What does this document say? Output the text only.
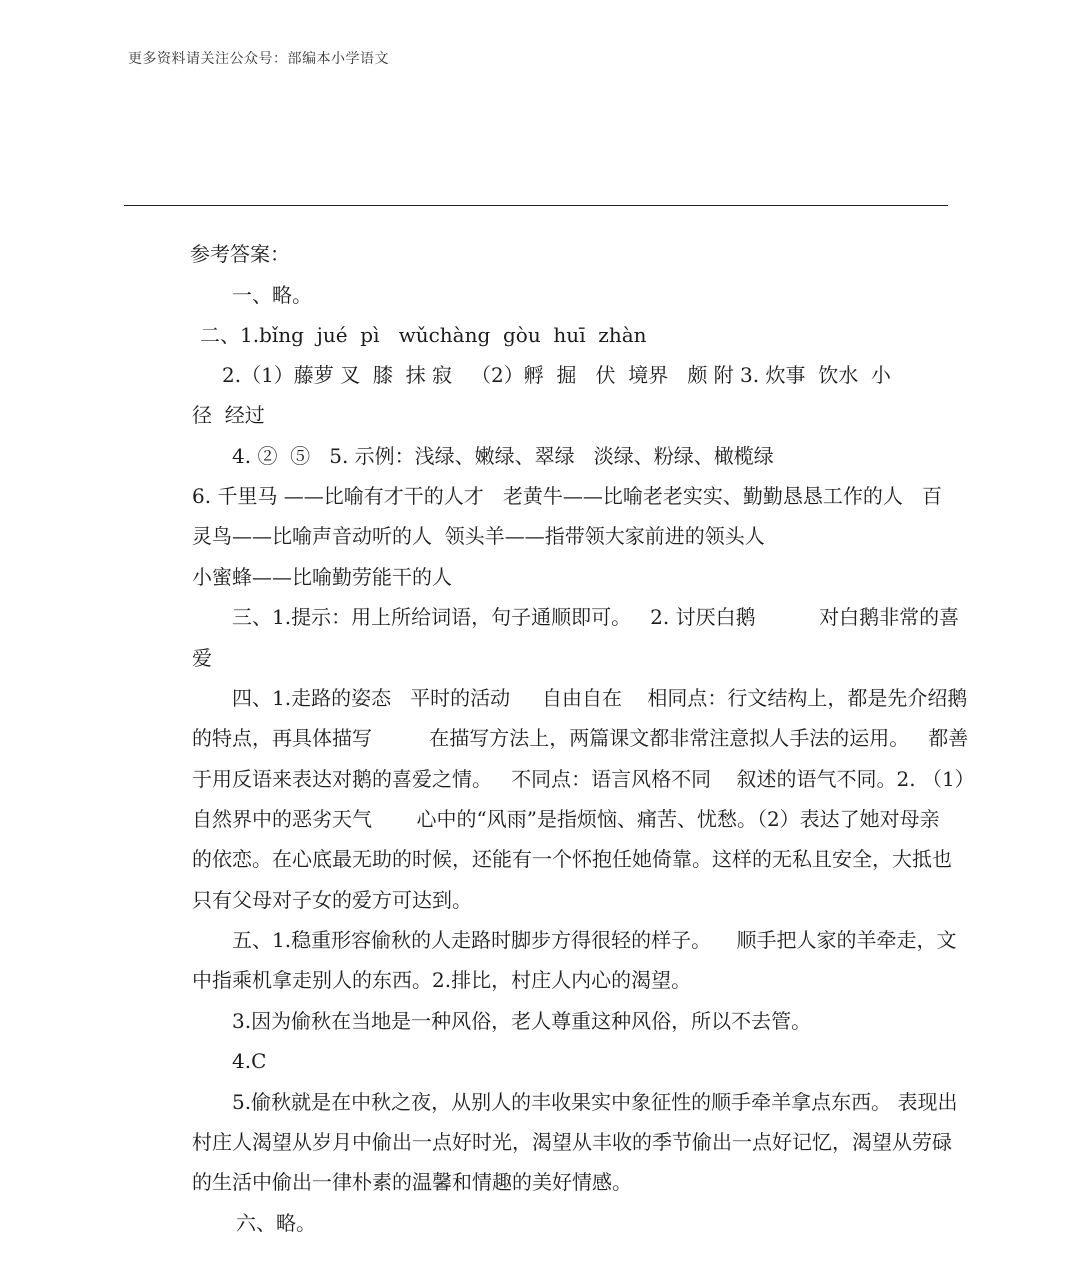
更多资料请关注公众号：部编本小学语文
参考答案：
一、略。
二、1.bǐng  jué  pì   wǔchàng  gòu  huī  zhàn
2.（1）藤萝 叉  膝  抹 寂   （2）孵  掘   伏  境界   颇 附 3. 炊事  饮水  小
径  经过
4. ②  ⑤   5. 示例：浅绿、嫩绿、翠绿   淡绿、粉绿、橄榄绿
6. 千里马 ——比喻有才干的人才   老黄牛——比喻老老实实、勤勤恳恳工作的人   百
灵鸟——比喻声音动听的人  领头羊——指带领大家前进的领头人
小蜜蜂——比喻勤劳能干的人
三、1.提示：用上所给词语，句子通顺即可。   2. 讨厌白鹅          对白鹅非常的喜
爱
四、1.走路的姿态   平时的活动     自由自在    相同点：行文结构上，都是先介绍鹅
的特点，再具体描写         在描写方法上，两篇课文都非常注意拟人手法的运用。   都善
于用反语来表达对鹅的喜爱之情。   不同点：语言风格不同    叙述的语气不同。2. （1）
自然界中的恶劣天气       心中的“风雨”是指烦恼、痛苦、忧愁。（2）表达了她对母亲
的依恋。在心底最无助的时候，还能有一个怀抱任她倚靠。这样的无私且安全，大抵也
只有父母对子女的爱方可达到。
五、1.稳重形容偷秋的人走路时脚步方得很轻的样子。    顺手把人家的羊牵走，文
中指乘机拿走别人的东西。2.排比，村庄人内心的渴望。
3.因为偷秋在当地是一种风俗，老人尊重这种风俗，所以不去管。
4.C
5.偷秋就是在中秋之夜，从别人的丰收果实中象征性的顺手牵羊拿点东西。 表现出
村庄人渴望从岁月中偷出一点好时光，渴望从丰收的季节偷出一点好记忆，渴望从劳碌
的生活中偷出一律朴素的温馨和情趣的美好情感。
六、略。
